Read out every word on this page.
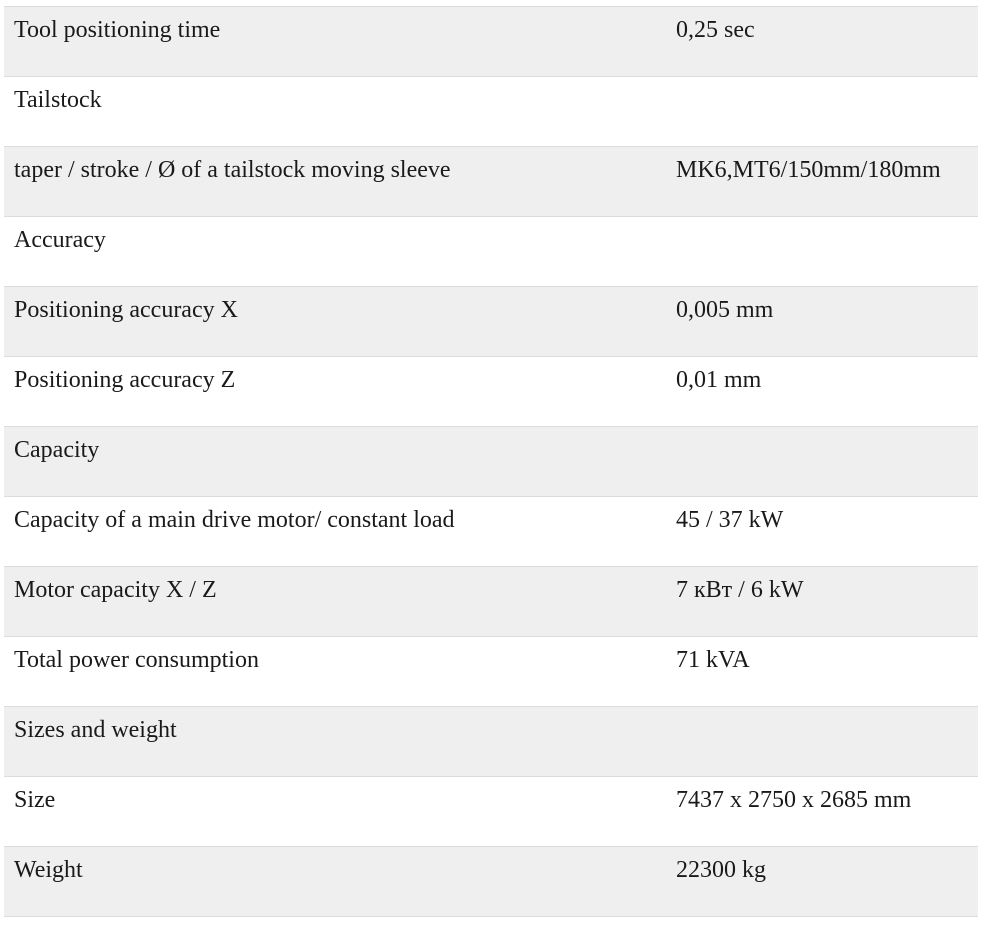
Tool positioning time	0,25 sec
Tailstock
taper / stroke / Ø of a tailstock moving sleeve	MK6,MT6/150mm/180mm
Accuracy
Positioning accuracy X	0,005 mm
Positioning accuracy Z	0,01 mm
Capacity
Capacity of a main drive motor/ constant load	45 / 37 kW
Motor capacity X / Z	7 кВт / 6 kW
Total power consumption	71 kVA
Sizes and weight
Size	7437 x 2750 x 2685 mm
Weight	22300 kg
